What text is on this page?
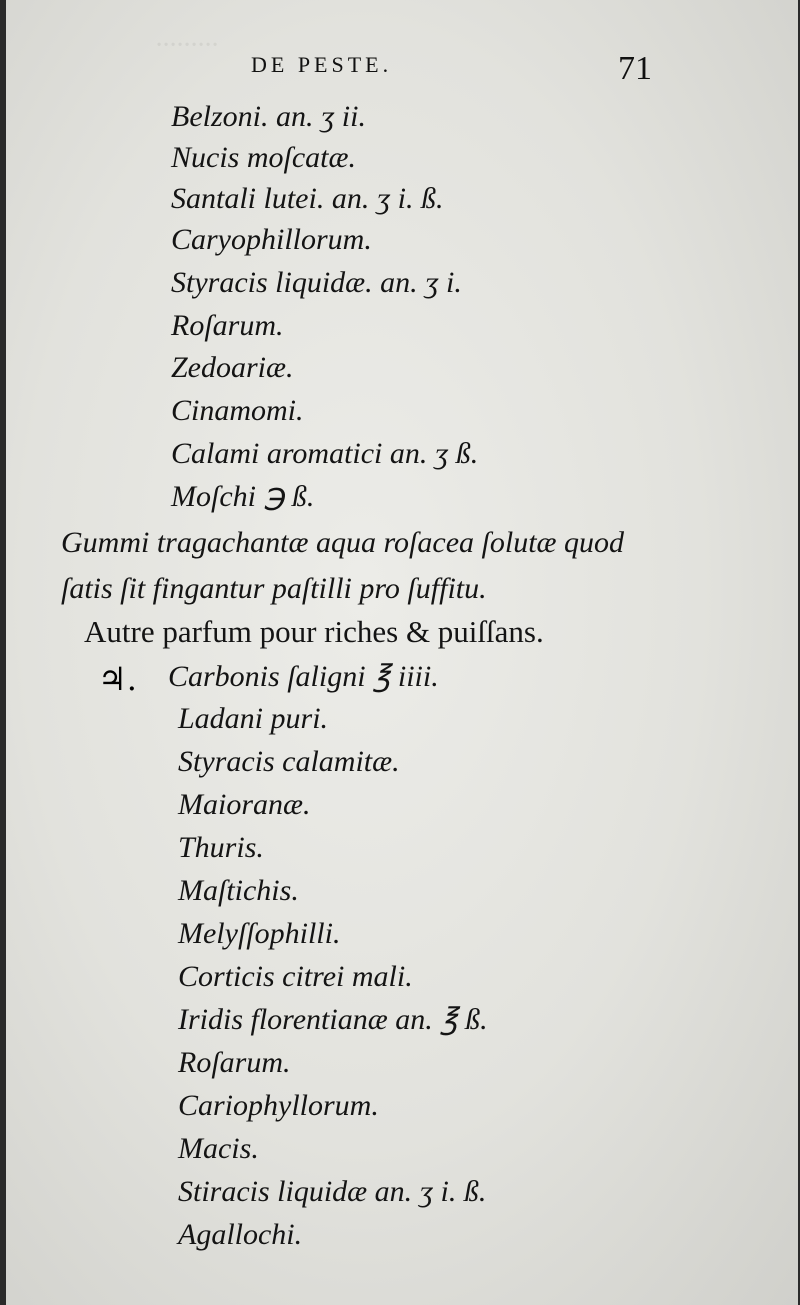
·········
DE PESTE.	71
Belzoni. an. ʒ ii.
Nucis moſcatæ.
Santali lutei. an. ʒ i. ß.
Caryophillorum.
Styracis liquidæ. an. ʒ i.
Roſarum.
Zedoariæ.
Cinamomi.
Calami aromatici an. ʒ ß.
Moſchi ℈ ß.
Gummi tragachantæ aqua roſacea ſolutæ quod
ſatis ſit fingantur paſtilli pro ſuffitu.
Autre parfum pour riches & puiſſans.
♃. Carbonis ſaligni ℥ iiii.
Ladani puri.
Styracis calamitæ.
Maioranæ.
Thuris.
Maſtichis.
Melyſſophilli.
Corticis citrei mali.
Iridis florentianæ an. ℥ ß.
Roſarum.
Cariophyllorum.
Macis.
Stiracis liquidæ an. ʒ i. ß.
Agallochi.
